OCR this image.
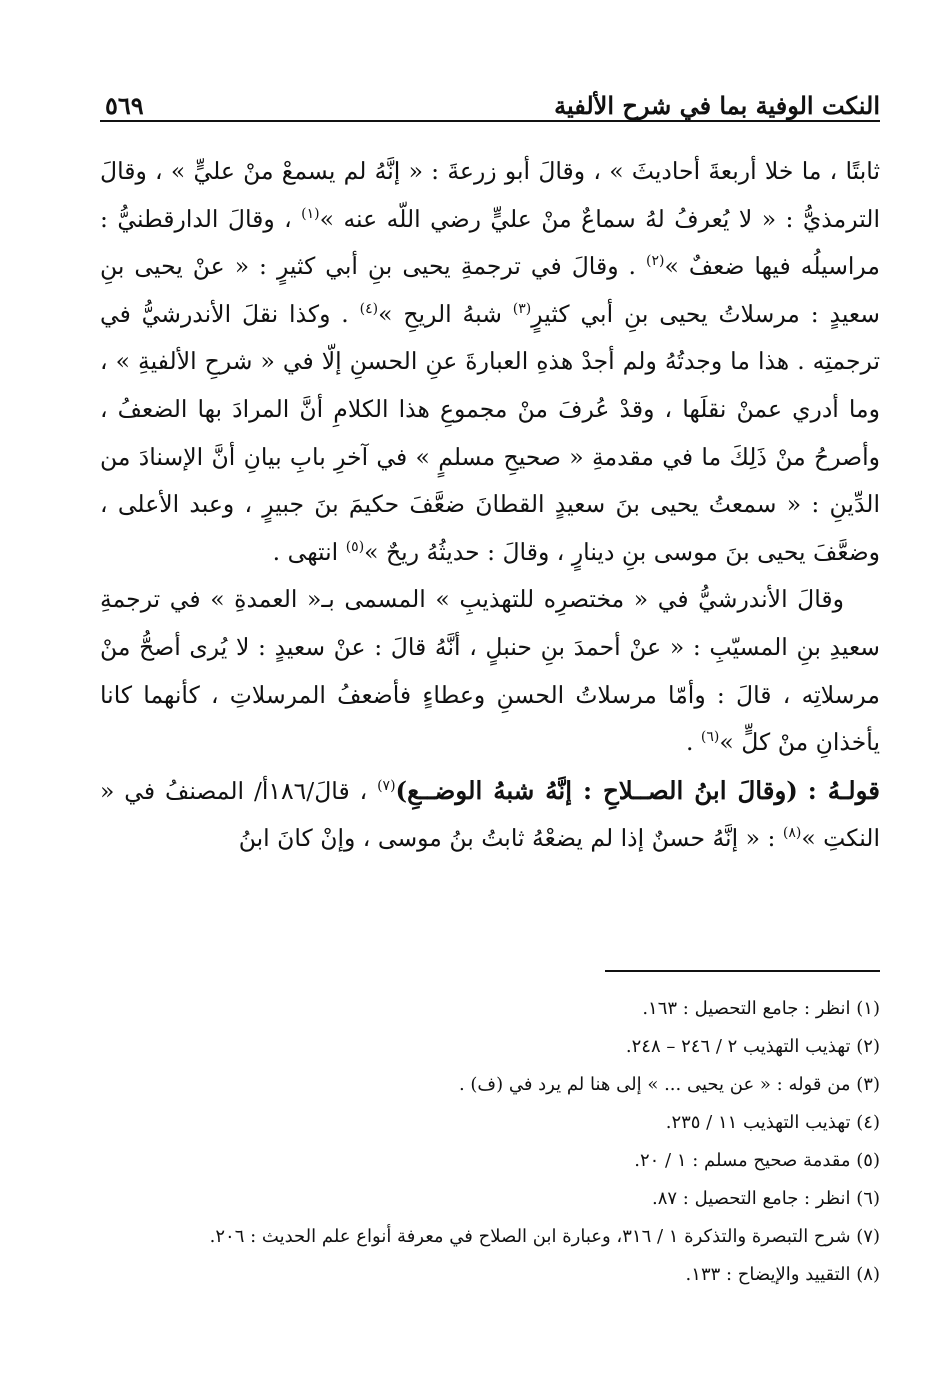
النكت الوفية بما في شرح الألفية
٥٦٩

ثابتًا ، ما خلا أربعةَ أحاديثَ » ، وقالَ أبو زرعةَ : « إنَّهُ لم يسمعْ منْ عليٍّ » ، وقالَ الترمذيُّ : « لا يُعرفُ لهُ سماعٌ منْ عليٍّ رضي اللّه عنه »$^{(١)}$ ، وقالَ الدارقطنيُّ : مراسيلُه فيها ضعفٌ »$^{(٢)}$ . وقالَ في ترجمةِ يحيى بنِ أبي كثيرٍ : « عنْ يحيى بنِ سعيدٍ : مرسلاتُ يحيى بنِ أبي كثيرٍ$^{(٣)}$ شبهُ الريحِ »$^{(٤)}$ . وكذا نقلَ الأندرشيُّ في ترجمتِه . هذا ما وجدتُهُ ولم أجدْ هذهِ العبارةَ عنِ الحسنِ إلّا في « شرحِ الألفيةِ » ، وما أدري عمنْ نقلَها ، وقدْ عُرفَ منْ مجموعِ هذا الكلامِ أنَّ المرادَ بها الضعفُ ، وأصرحُ منْ ذَلِكَ ما في مقدمةِ « صحيحِ مسلمٍ » في آخرِ بابِ بيانِ أنَّ الإسنادَ من الدِّينِ : « سمعتُ يحيى بنَ سعيدٍ القطانَ ضعَّفَ حكيمَ بنَ جبيرٍ ، وعبد الأعلى ، وضعَّفَ يحيى بنَ موسى بنِ دينارٍ ، وقالَ : حديثُهُ ريحٌ »$^{(٥)}$ انتهى .

وقالَ الأندرشيُّ في « مختصرِه للتهذيبِ » المسمى بـ« العمدةِ » في ترجمةِ سعيدِ بنِ المسيّبِ : « عنْ أحمدَ بنِ حنبلٍ ، أنَّهُ قالَ : عنْ سعيدٍ : لا يُرى أصحُّ منْ مرسلاتِه ، قالَ : وأمّا مرسلاتُ الحسنِ وعطاءٍ فأضعفُ المرسلاتِ ، كأنهما كانا يأخذانِ منْ كلٍّ »$^{(٦)}$ .

قولـهُ : (وقالَ ابنُ الصــلاحِ : إنَّهُ شبهُ الوضــعِ)$^{(٧)}$ ، قالَ/١٨٦أ/ المصنفُ في « النكتِ »$^{(٨)}$ : « إنَّهُ حسنٌ إذا لم يضعْهُ ثابتُ بنُ موسى ، وإنْ كانَ ابنُ

(١) انظر : جامع التحصيل : ١٦٣.
(٢) تهذيب التهذيب ٢ / ٢٤٦ – ٢٤٨.
(٣) من قوله : « عن يحيى ... » إلى هنا لم يرد في (ف) .
(٤) تهذيب التهذيب ١١ / ٢٣٥.
(٥) مقدمة صحيح مسلم : ١ / ٢٠.
(٦) انظر : جامع التحصيل : ٨٧.
(٧) شرح التبصرة والتذكرة ١ / ٣١٦، وعبارة ابن الصلاح في معرفة أنواع علم الحديث : ٢٠٦.
(٨) التقييد والإيضاح : ١٣٣.
